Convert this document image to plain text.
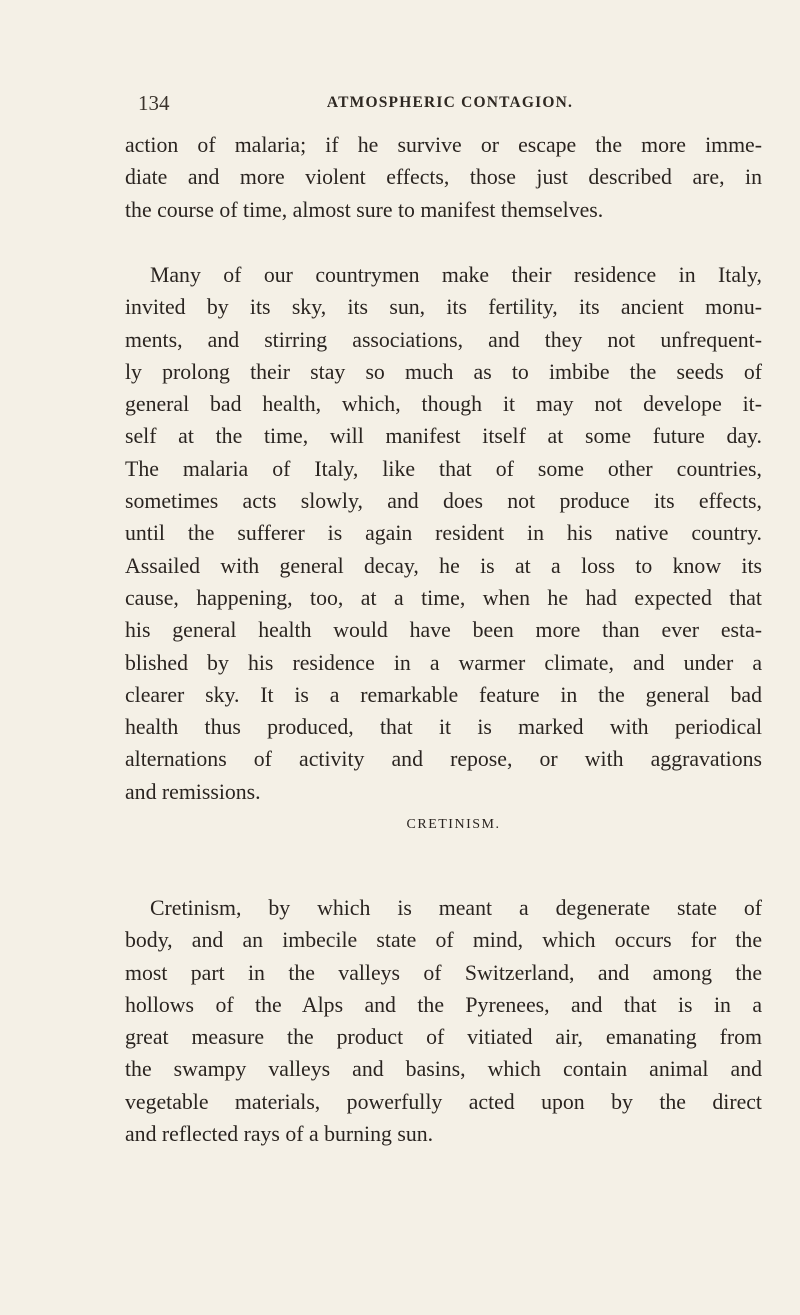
134	ATMOSPHERIC CONTAGION.
action of malaria; if he survive or escape the more imme-
diate and more violent effects, those just described are, in
the course of time, almost sure to manifest themselves.
Many of our countrymen make their residence in Italy,
invited by its sky, its sun, its fertility, its ancient monu-
ments, and stirring associations, and they not unfrequent-
ly prolong their stay so much as to imbibe the seeds of
general bad health, which, though it may not develope it-
self at the time, will manifest itself at some future day.
The malaria of Italy, like that of some other countries,
sometimes acts slowly, and does not produce its effects,
until the sufferer is again resident in his native country.
Assailed with general decay, he is at a loss to know its
cause, happening, too, at a time, when he had expected that
his general health would have been more than ever esta-
blished by his residence in a warmer climate, and under a
clearer sky. It is a remarkable feature in the general bad
health thus produced, that it is marked with periodical
alternations of activity and repose, or with aggravations
and remissions.
CRETINISM.
Cretinism, by which is meant a degenerate state of
body, and an imbecile state of mind, which occurs for the
most part in the valleys of Switzerland, and among the
hollows of the Alps and the Pyrenees, and that is in a
great measure the product of vitiated air, emanating from
the swampy valleys and basins, which contain animal and
vegetable materials, powerfully acted upon by the direct
and reflected rays of a burning sun.
